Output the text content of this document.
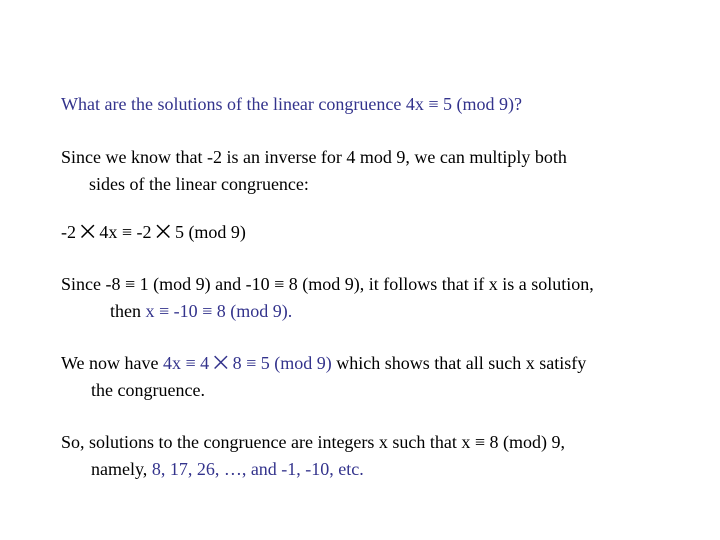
What are the solutions of the linear congruence 4x ≡ 5 (mod 9)?
Since we know that -2 is an inverse for 4 mod 9, we can multiply both
sides of the linear congruence:
-2 ⨉ 4x ≡ -2 ⨉ 5 (mod 9)
Since -8 ≡ 1 (mod 9) and -10 ≡ 8 (mod 9), it follows that if x is a solution,
then x ≡ -10 ≡ 8 (mod 9).
We now have 4x ≡ 4 ⨉ 8 ≡ 5 (mod 9) which shows that all such x satisfy
the congruence.
So, solutions to the congruence are integers x such that x ≡ 8 (mod) 9,
namely, 8, 17, 26, …, and -1, -10, etc.
